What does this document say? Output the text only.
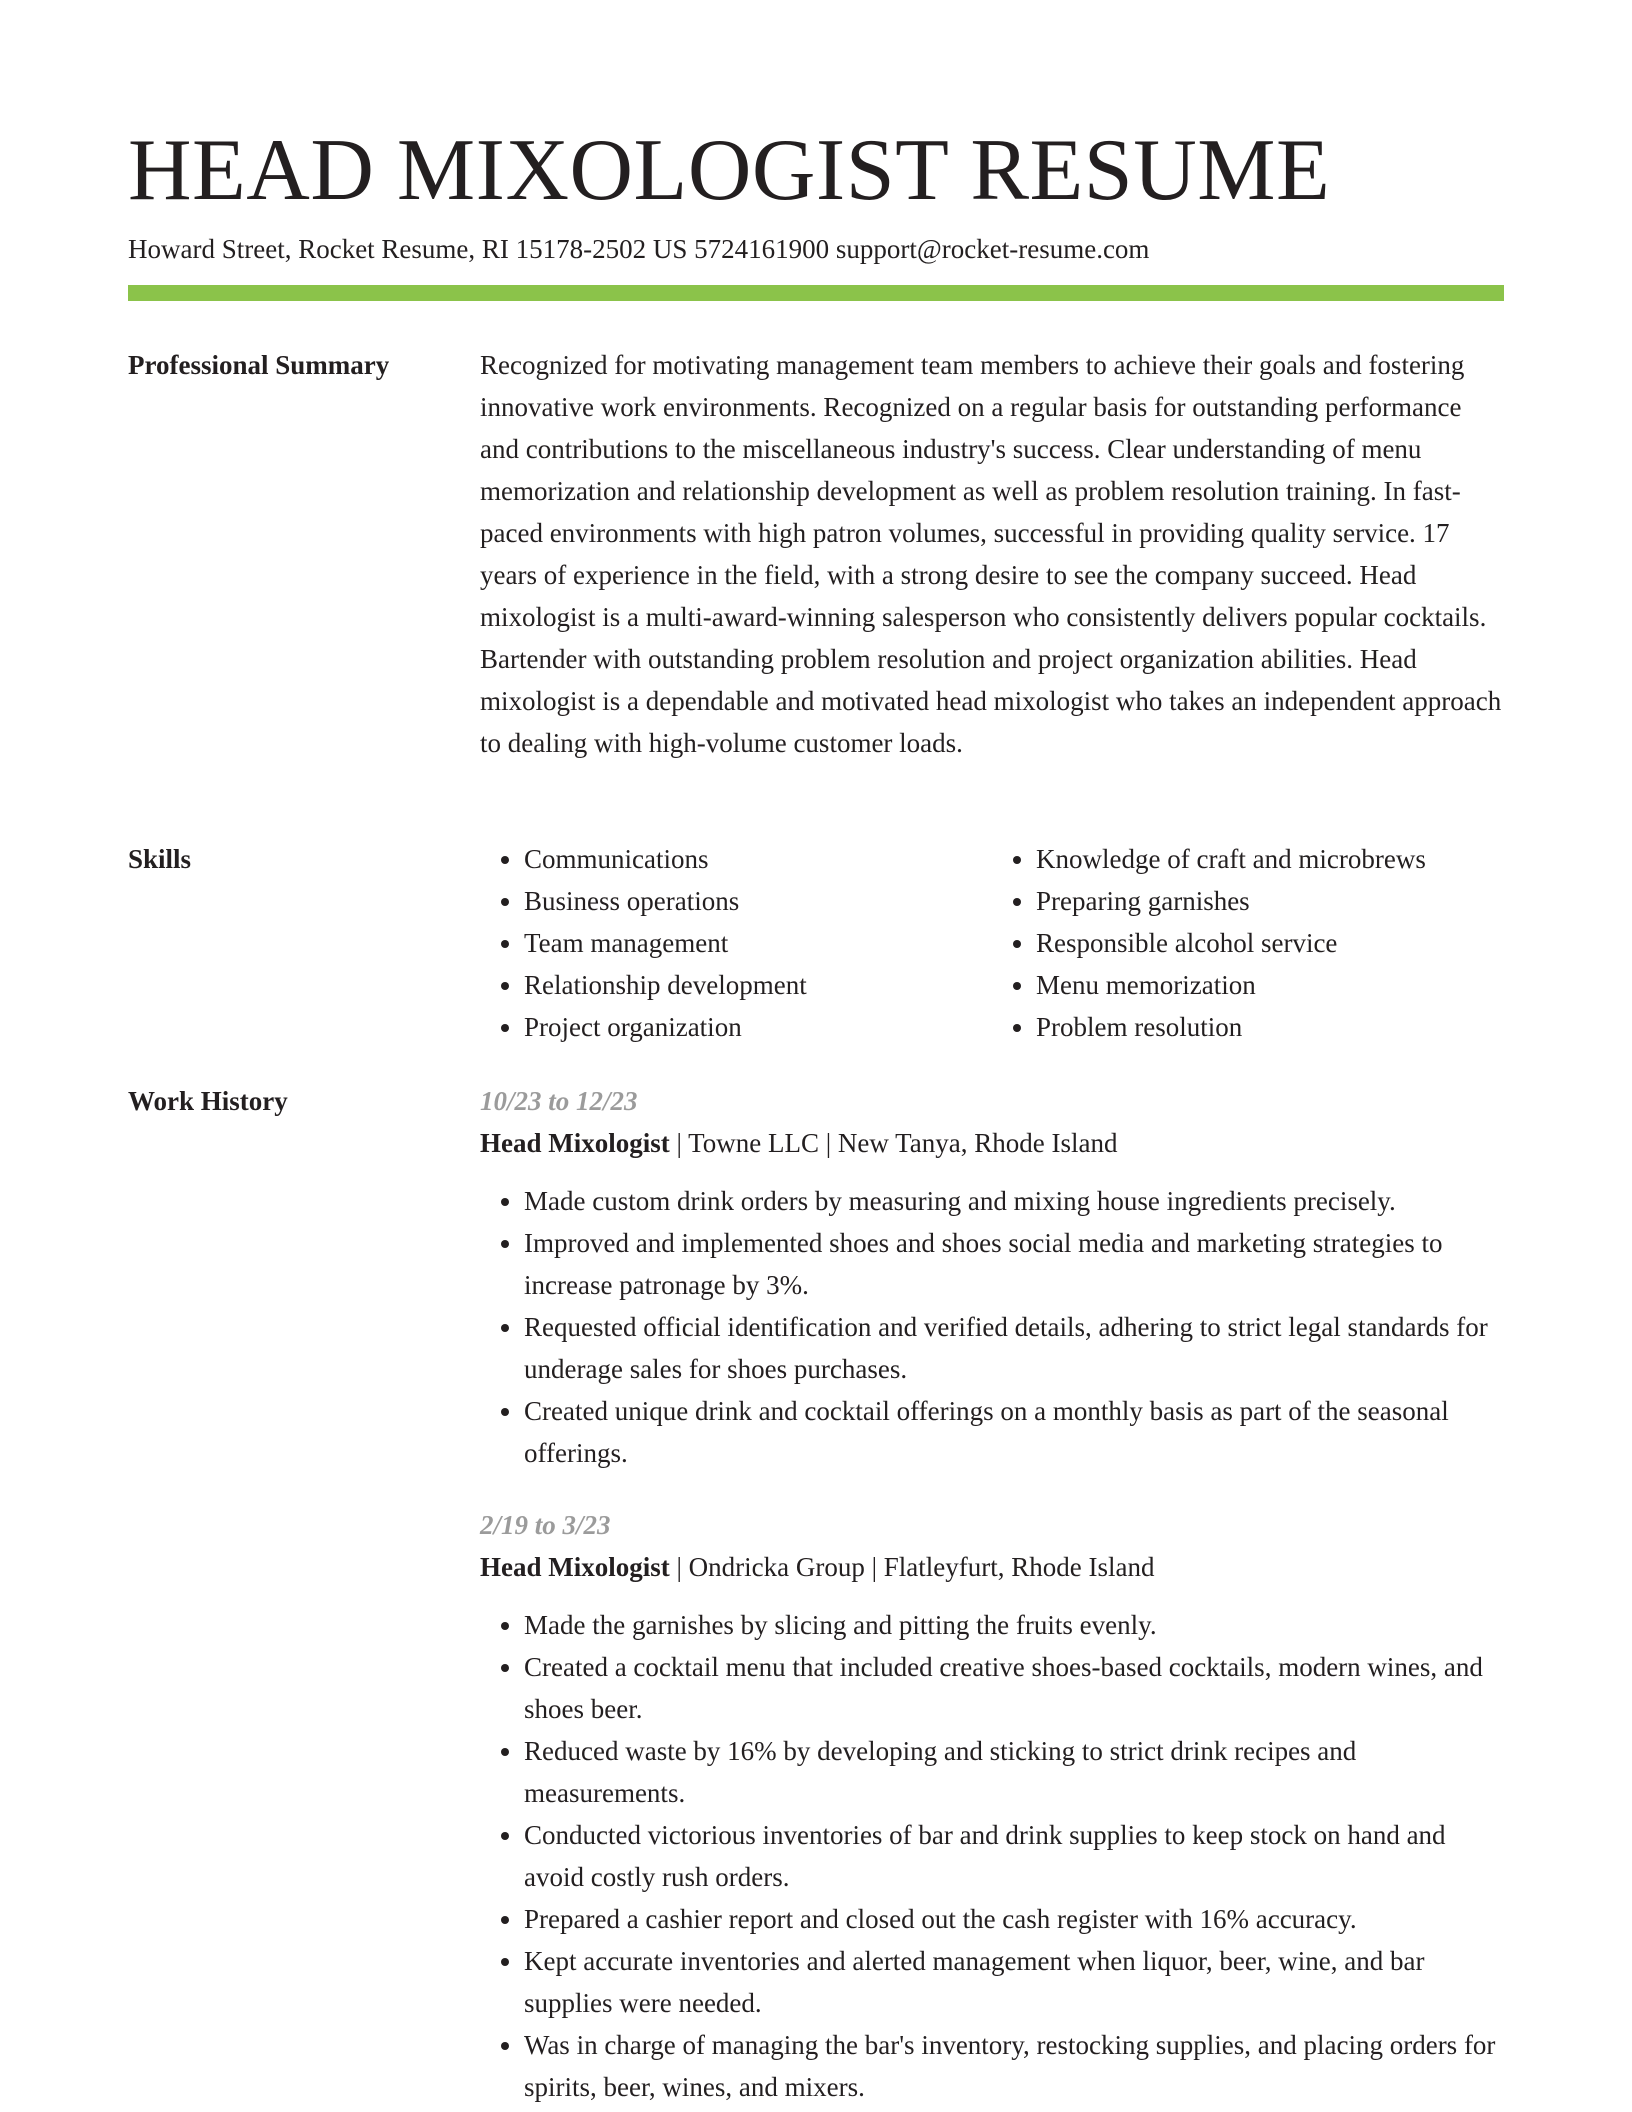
HEAD MIXOLOGIST RESUME
Howard Street, Rocket Resume, RI 15178-2502 US 5724161900 support@rocket-resume.com
Professional Summary	Recognized for motivating management team members to achieve their goals and fostering innovative work environments. Recognized on a regular basis for outstanding performance and contributions to the miscellaneous industry's success. Clear understanding of menu memorization and relationship development as well as problem resolution training. In fast-paced environments with high patron volumes, successful in providing quality service. 17 years of experience in the field, with a strong desire to see the company succeed. Head mixologist is a multi-award-winning salesperson who consistently delivers popular cocktails. Bartender with outstanding problem resolution and project organization abilities. Head mixologist is a dependable and motivated head mixologist who takes an independent approach to dealing with high-volume customer loads.

Skills
•	Communications
• Business operations
• Team management
• Relationship development
• Project organization
• Knowledge of craft and microbrews
• Preparing garnishes
• Responsible alcohol service
• Menu memorization
• Problem resolution
Work History	10/23 to 12/23
Head Mixologist | Towne LLC | New Tanya, Rhode Island
• Made custom drink orders by measuring and mixing house ingredients precisely.
• Improved and implemented shoes and shoes social media and marketing strategies to increase patronage by 3%.
• Requested official identification and verified details, adhering to strict legal standards for underage sales for shoes purchases.
• Created unique drink and cocktail offerings on a monthly basis as part of the seasonal offerings.
2/19 to 3/23
Head Mixologist | Ondricka Group | Flatleyfurt, Rhode Island
• Made the garnishes by slicing and pitting the fruits evenly.
• Created a cocktail menu that included creative shoes-based cocktails, modern wines, and shoes beer.
• Reduced waste by 16% by developing and sticking to strict drink recipes and measurements.
• Conducted victorious inventories of bar and drink supplies to keep stock on hand and avoid costly rush orders.
• Prepared a cashier report and closed out the cash register with 16% accuracy.
• Kept accurate inventories and alerted management when liquor, beer, wine, and bar supplies were needed.
• Was in charge of managing the bar's inventory, restocking supplies, and placing orders for spirits, beer, wines, and mixers.
